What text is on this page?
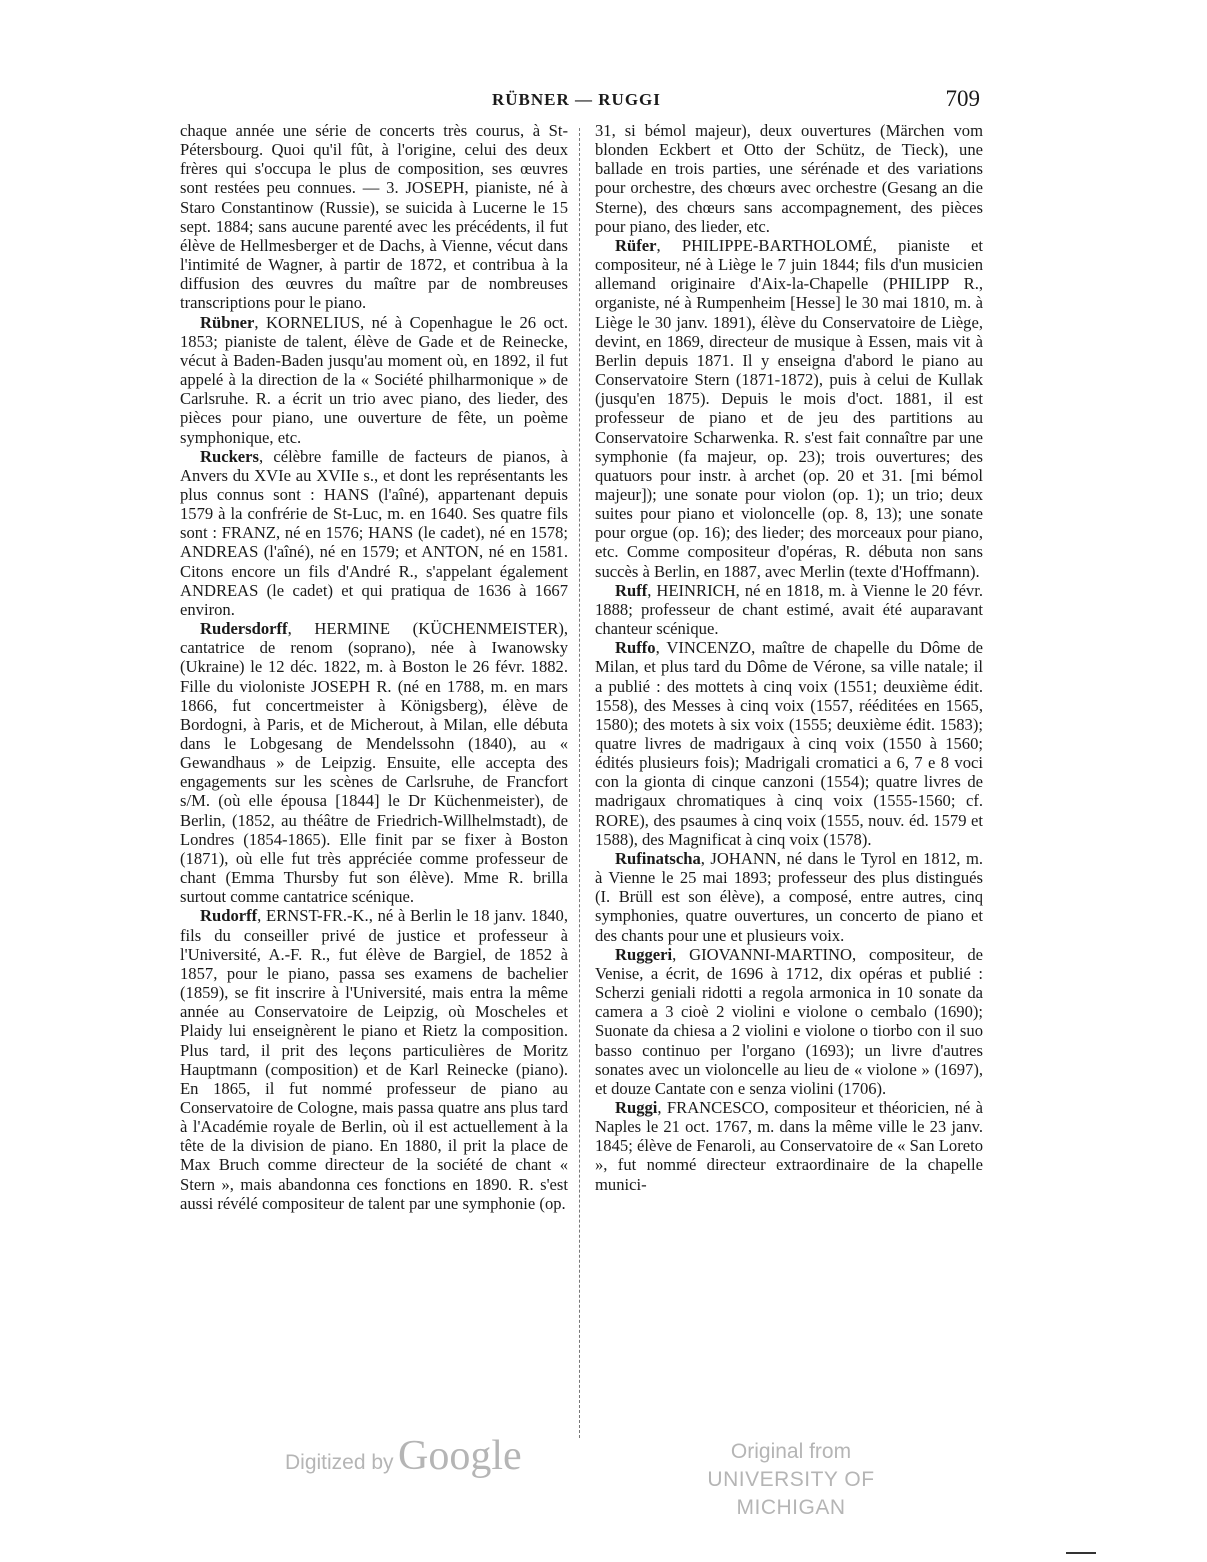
RÜBNER — RUGGI	709

chaque année une série de concerts très courus, à St-Pétersbourg. Quoi qu'il fût, à l'origine, celui des deux frères qui s'occupa le plus de composition, ses œuvres sont restées peu connues. — 3. JOSEPH, pianiste, né à Staro Constantinow (Russie), se suicida à Lucerne le 15 sept. 1884; sans aucune parenté avec les précédents, il fut élève de Hellmesberger et de Dachs, à Vienne, vécut dans l'intimité de Wagner, à partir de 1872, et contribua à la diffusion des œuvres du maître par de nombreuses transcriptions pour le piano.

Rübner, KORNELIUS, né à Copenhague le 26 oct. 1853; pianiste de talent, élève de Gade et de Reinecke, vécut à Baden-Baden jusqu'au moment où, en 1892, il fut appelé à la direction de la « Société philharmonique » de Carlsruhe. R. a écrit un trio avec piano, des lieder, des pièces pour piano, une ouverture de fête, un poème symphonique, etc.

Ruckers, célèbre famille de facteurs de pianos, à Anvers du XVIe au XVIIe s., et dont les représentants les plus connus sont : HANS (l'aîné), appartenant depuis 1579 à la confrérie de St-Luc, m. en 1640. Ses quatre fils sont : FRANZ, né en 1576; HANS (le cadet), né en 1578; ANDREAS (l'aîné), né en 1579; et ANTON, né en 1581. Citons encore un fils d'André R., s'appelant également ANDREAS (le cadet) et qui pratiqua de 1636 à 1667 environ.

Rudersdorff, HERMINE (KÜCHENMEISTER), cantatrice de renom (soprano), née à Iwanowsky (Ukraine) le 12 déc. 1822, m. à Boston le 26 févr. 1882. Fille du violoniste JOSEPH R. (né en 1788, m. en mars 1866, fut concertmeister à Königsberg), élève de Bordogni, à Paris, et de Micherout, à Milan, elle débuta dans le Lobgesang de Mendelssohn (1840), au « Gewandhaus » de Leipzig. Ensuite, elle accepta des engagements sur les scènes de Carlsruhe, de Francfort s/M. (où elle épousa [1844] le Dr Küchenmeister), de Berlin, (1852, au théâtre de Friedrich-Willhelmstadt), de Londres (1854-1865). Elle finit par se fixer à Boston (1871), où elle fut très appréciée comme professeur de chant (Emma Thursby fut son élève). Mme R. brilla surtout comme cantatrice scénique.

Rudorff, ERNST-FR.-K., né à Berlin le 18 janv. 1840, fils du conseiller privé de justice et professeur à l'Université, A.-F. R., fut élève de Bargiel, de 1852 à 1857, pour le piano, passa ses examens de bachelier (1859), se fit inscrire à l'Université, mais entra la même année au Conservatoire de Leipzig, où Moscheles et Plaidy lui enseignèrent le piano et Rietz la composition. Plus tard, il prit des leçons particulières de Moritz Hauptmann (composition) et de Karl Reinecke (piano). En 1865, il fut nommé professeur de piano au Conservatoire de Cologne, mais passa quatre ans plus tard à l'Académie royale de Berlin, où il est actuellement à la tête de la division de piano. En 1880, il prit la place de Max Bruch comme directeur de la société de chant « Stern », mais abandonna ces fonctions en 1890. R. s'est aussi révélé compositeur de talent par une symphonie (op.

31, si bémol majeur), deux ouvertures (Märchen vom blonden Eckbert et Otto der Schütz, de Tieck), une ballade en trois parties, une sérénade et des variations pour orchestre, des chœurs avec orchestre (Gesang an die Sterne), des chœurs sans accompagnement, des pièces pour piano, des lieder, etc.

Rüfer, PHILIPPE-BARTHOLOMÉ, pianiste et compositeur, né à Liège le 7 juin 1844; fils d'un musicien allemand originaire d'Aix-la-Chapelle (PHILIPP R., organiste, né à Rumpenheim [Hesse] le 30 mai 1810, m. à Liège le 30 janv. 1891), élève du Conservatoire de Liège, devint, en 1869, directeur de musique à Essen, mais vit à Berlin depuis 1871. Il y enseigna d'abord le piano au Conservatoire Stern (1871-1872), puis à celui de Kullak (jusqu'en 1875). Depuis le mois d'oct. 1881, il est professeur de piano et de jeu des partitions au Conservatoire Scharwenka. R. s'est fait connaître par une symphonie (fa majeur, op. 23); trois ouvertures; des quatuors pour instr. à archet (op. 20 et 31. [mi bémol majeur]); une sonate pour violon (op. 1); un trio; deux suites pour piano et violoncelle (op. 8, 13); une sonate pour orgue (op. 16); des lieder; des morceaux pour piano, etc. Comme compositeur d'opéras, R. débuta non sans succès à Berlin, en 1887, avec Merlin (texte d'Hoffmann).

Ruff, HEINRICH, né en 1818, m. à Vienne le 20 févr. 1888; professeur de chant estimé, avait été auparavant chanteur scénique.

Ruffo, VINCENZO, maître de chapelle du Dôme de Milan, et plus tard du Dôme de Vérone, sa ville natale; il a publié : des mottets à cinq voix (1551; deuxième édit. 1558), des Messes à cinq voix (1557, rééditées en 1565, 1580); des motets à six voix (1555; deuxième édit. 1583); quatre livres de madrigaux à cinq voix (1550 à 1560; édités plusieurs fois); Madrigali cromatici a 6, 7 e 8 voci con la gionta di cinque canzoni (1554); quatre livres de madrigaux chromatiques à cinq voix (1555-1560; cf. RORE), des psaumes à cinq voix (1555, nouv. éd. 1579 et 1588), des Magnificat à cinq voix (1578).

Rufinatscha, JOHANN, né dans le Tyrol en 1812, m. à Vienne le 25 mai 1893; professeur des plus distingués (I. Brüll est son élève), a composé, entre autres, cinq symphonies, quatre ouvertures, un concerto de piano et des chants pour une et plusieurs voix.

Ruggeri, GIOVANNI-MARTINO, compositeur, de Venise, a écrit, de 1696 à 1712, dix opéras et publié : Scherzi geniali ridotti a regola armonica in 10 sonate da camera a 3 cioè 2 violini e violone o cembalo (1690); Suonate da chiesa a 2 violini e violone o tiorbo con il suo basso continuo per l'organo (1693); un livre d'autres sonates avec un violoncelle au lieu de « violone » (1697), et douze Cantate con e senza violini (1706).

Ruggi, FRANCESCO, compositeur et théoricien, né à Naples le 21 oct. 1767, m. dans la même ville le 23 janv. 1845; élève de Fenaroli, au Conservatoire de « San Loreto », fut nommé directeur extraordinaire de la chapelle munici-

Digitized by Google	Original from
UNIVERSITY OF MICHIGAN
